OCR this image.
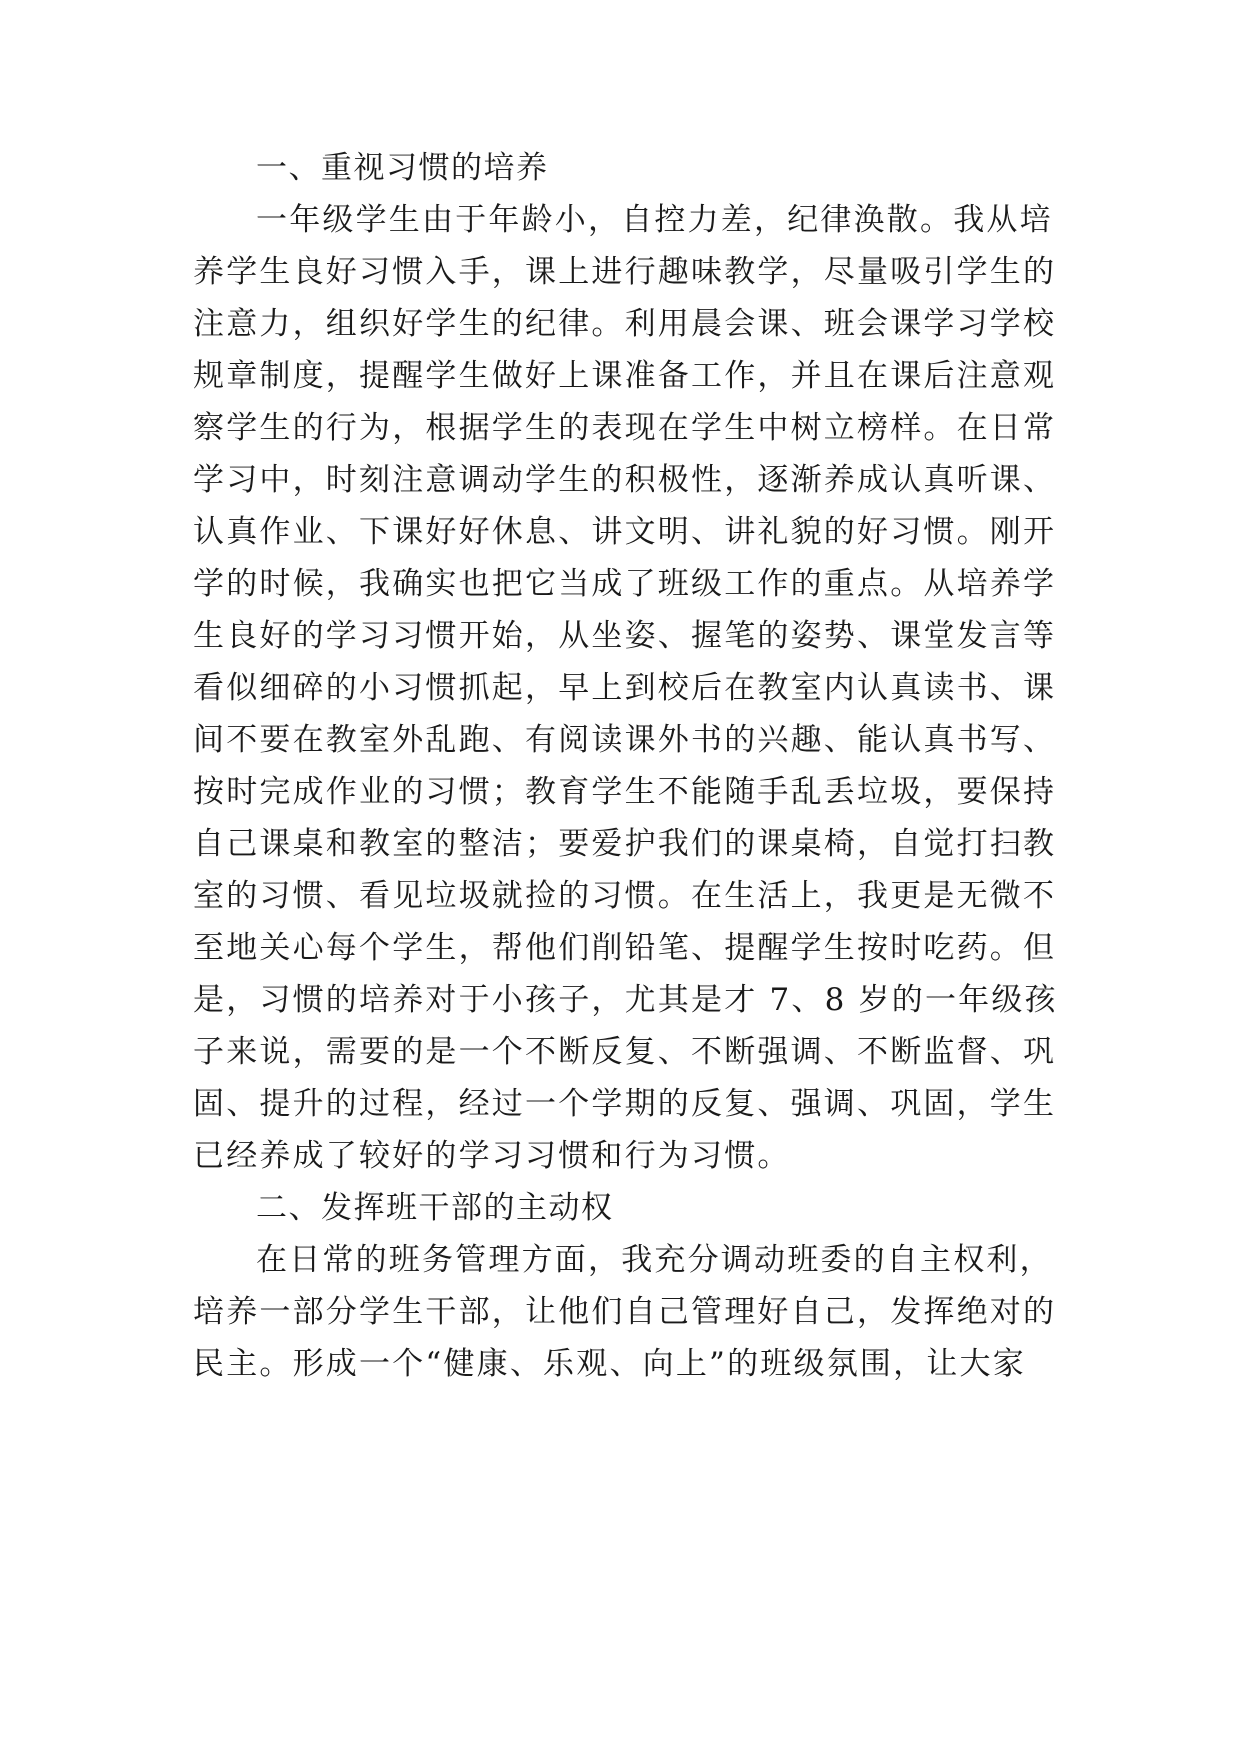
一、重视习惯的培养
一年级学生由于年龄小，自控力差，纪律涣散。我从培
养学生良好习惯入手，课上进行趣味教学，尽量吸引学生的
注意力，组织好学生的纪律。利用晨会课、班会课学习学校
规章制度，提醒学生做好上课准备工作，并且在课后注意观
察学生的行为，根据学生的表现在学生中树立榜样。在日常
学习中，时刻注意调动学生的积极性，逐渐养成认真听课、
认真作业、下课好好休息、讲文明、讲礼貌的好习惯。刚开
学的时候，我确实也把它当成了班级工作的重点。从培养学
生良好的学习习惯开始，从坐姿、握笔的姿势、课堂发言等
看似细碎的小习惯抓起，早上到校后在教室内认真读书、课
间不要在教室外乱跑、有阅读课外书的兴趣、能认真书写、
按时完成作业的习惯；教育学生不能随手乱丢垃圾，要保持
自己课桌和教室的整洁；要爱护我们的课桌椅，自觉打扫教
室的习惯、看见垃圾就捡的习惯。在生活上，我更是无微不
至地关心每个学生，帮他们削铅笔、提醒学生按时吃药。但
是，习惯的培养对于小孩子，尤其是才 7、8 岁的一年级孩
子来说，需要的是一个不断反复、不断强调、不断监督、巩
固、提升的过程，经过一个学期的反复、强调、巩固，学生
已经养成了较好的学习习惯和行为习惯。
二、发挥班干部的主动权
在日常的班务管理方面，我充分调动班委的自主权利，
培养一部分学生干部，让他们自己管理好自己，发挥绝对的
民主。形成一个“健康、乐观、向上”的班级氛围，让大家
